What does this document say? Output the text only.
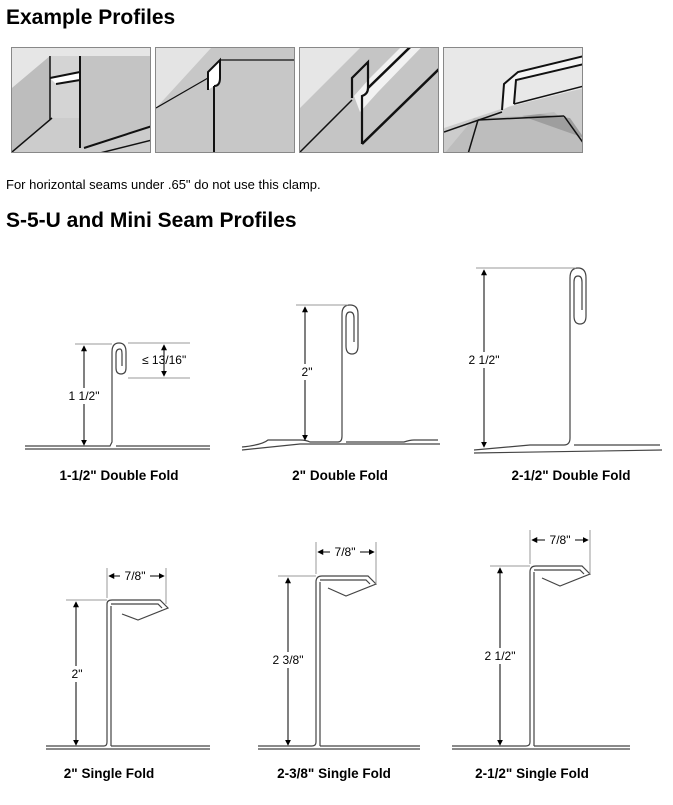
Example Profiles
For horizontal seams under .65" do not use this clamp.
S-5-U and Mini Seam Profiles
1 1/2"
≤ 13/16"
2"
2 1/2"
2"
7/8"
2 3/8"
7/8"
2 1/2"
7/8"
1-1/2" Double Fold	2" Double Fold	2-1/2" Double Fold
2" Single Fold	2-3/8" Single Fold	2-1/2" Single Fold
